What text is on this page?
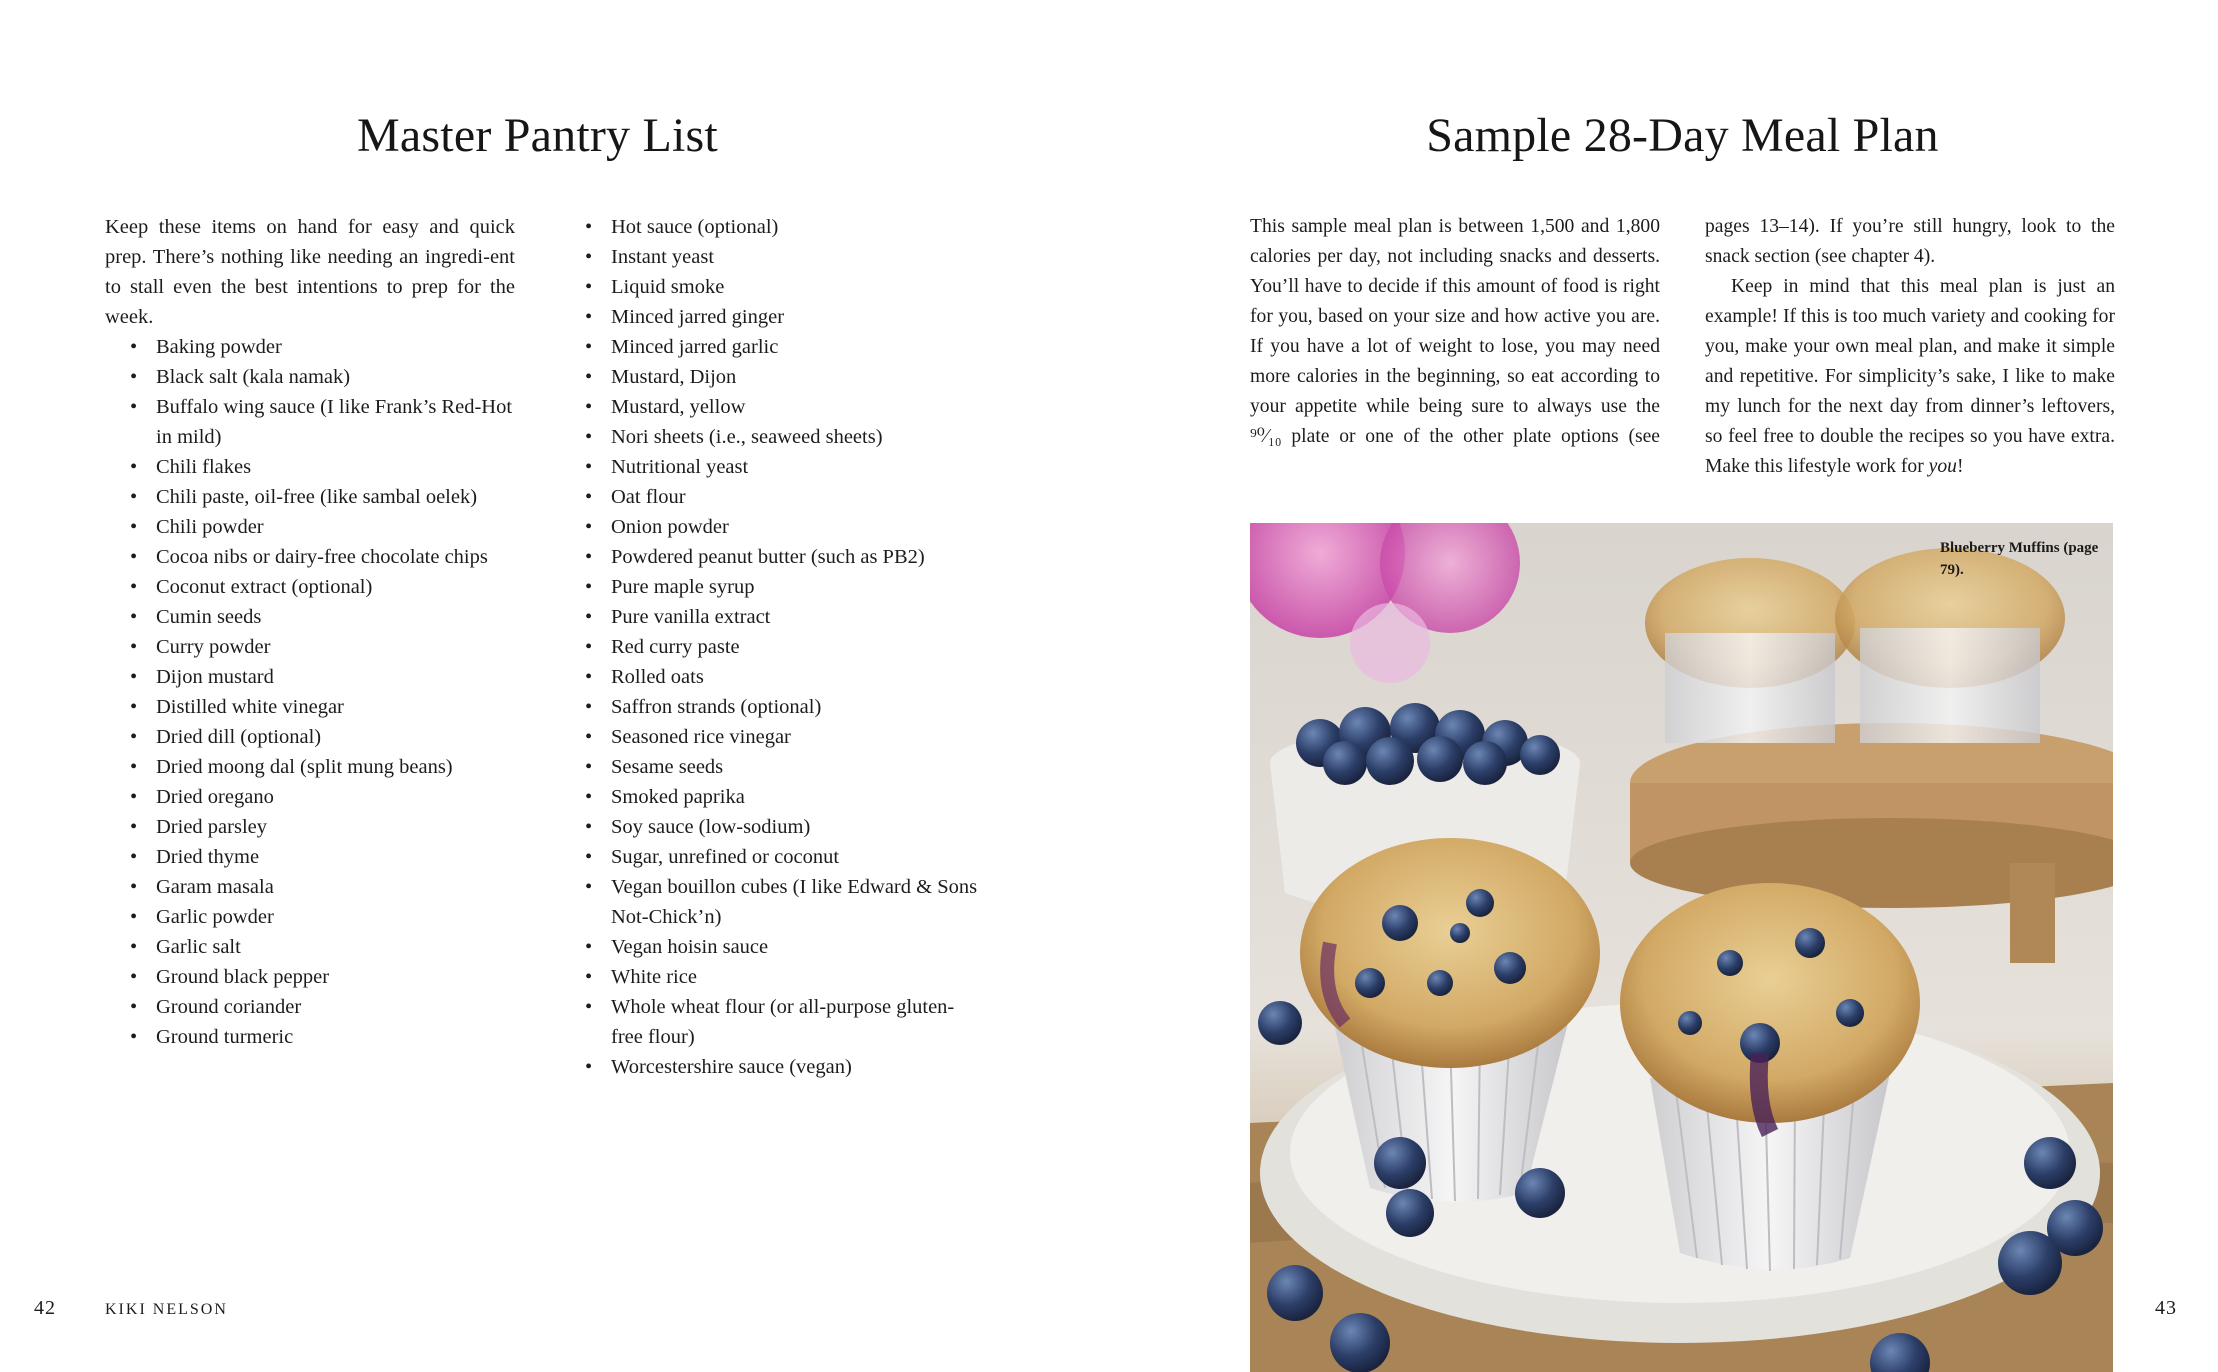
Master Pantry List	Sample 28-Day Meal Plan

Keep these items on hand for easy and quick prep. There’s nothing like needing an ingredi-ent to stall even the best intentions to prep for the week.

• Baking powder
• Black salt (kala namak)
• Buffalo wing sauce (I like Frank’s Red-Hot in mild)
• Chili flakes
• Chili paste, oil-free (like sambal oelek)
• Chili powder
• Cocoa nibs or dairy-free chocolate chips
• Coconut extract (optional)
• Cumin seeds
• Curry powder
• Dijon mustard
• Distilled white vinegar
• Dried dill (optional)
• Dried moong dal (split mung beans)
• Dried oregano
• Dried parsley
• Dried thyme
• Garam masala
• Garlic powder
• Garlic salt
• Ground black pepper
• Ground coriander
• Ground turmeric
• Hot sauce (optional)
• Instant yeast
• Liquid smoke
• Minced jarred ginger
• Minced jarred garlic
• Mustard, Dijon
• Mustard, yellow
• Nori sheets (i.e., seaweed sheets)
• Nutritional yeast
• Oat flour
• Onion powder
• Powdered peanut butter (such as PB2)
• Pure maple syrup
• Pure vanilla extract
• Red curry paste
• Rolled oats
• Saffron strands (optional)
• Seasoned rice vinegar
• Sesame seeds
• Smoked paprika
• Soy sauce (low-sodium)
• Sugar, unrefined or coconut
• Vegan bouillon cubes (I like Edward & Sons Not-Chick’n)
• Vegan hoisin sauce
• White rice
• Whole wheat flour (or all-purpose gluten-free flour)
• Worcestershire sauce (vegan)

This sample meal plan is between 1,500 and 1,800 calories per day, not including snacks and desserts. You’ll have to decide if this amount of food is right for you, based on your size and how active you are. If you have a lot of weight to lose, you may need more calories in the beginning, so eat according to your appetite while being sure to always use the ⁹⁰⁄₁₀ plate or one of the other plate options (see

pages 13–14). If you’re still hungry, look to the snack section (see chapter 4).

Keep in mind that this meal plan is just an example! If this is too much variety and cooking for you, make your own meal plan, and make it simple and repetitive. For simplicity’s sake, I like to make my lunch for the next day from dinner’s leftovers, so feel free to double the recipes so you have extra. Make this lifestyle work for you!

Blueberry Muffins (page 79).
42	KIKI NELSON	43
